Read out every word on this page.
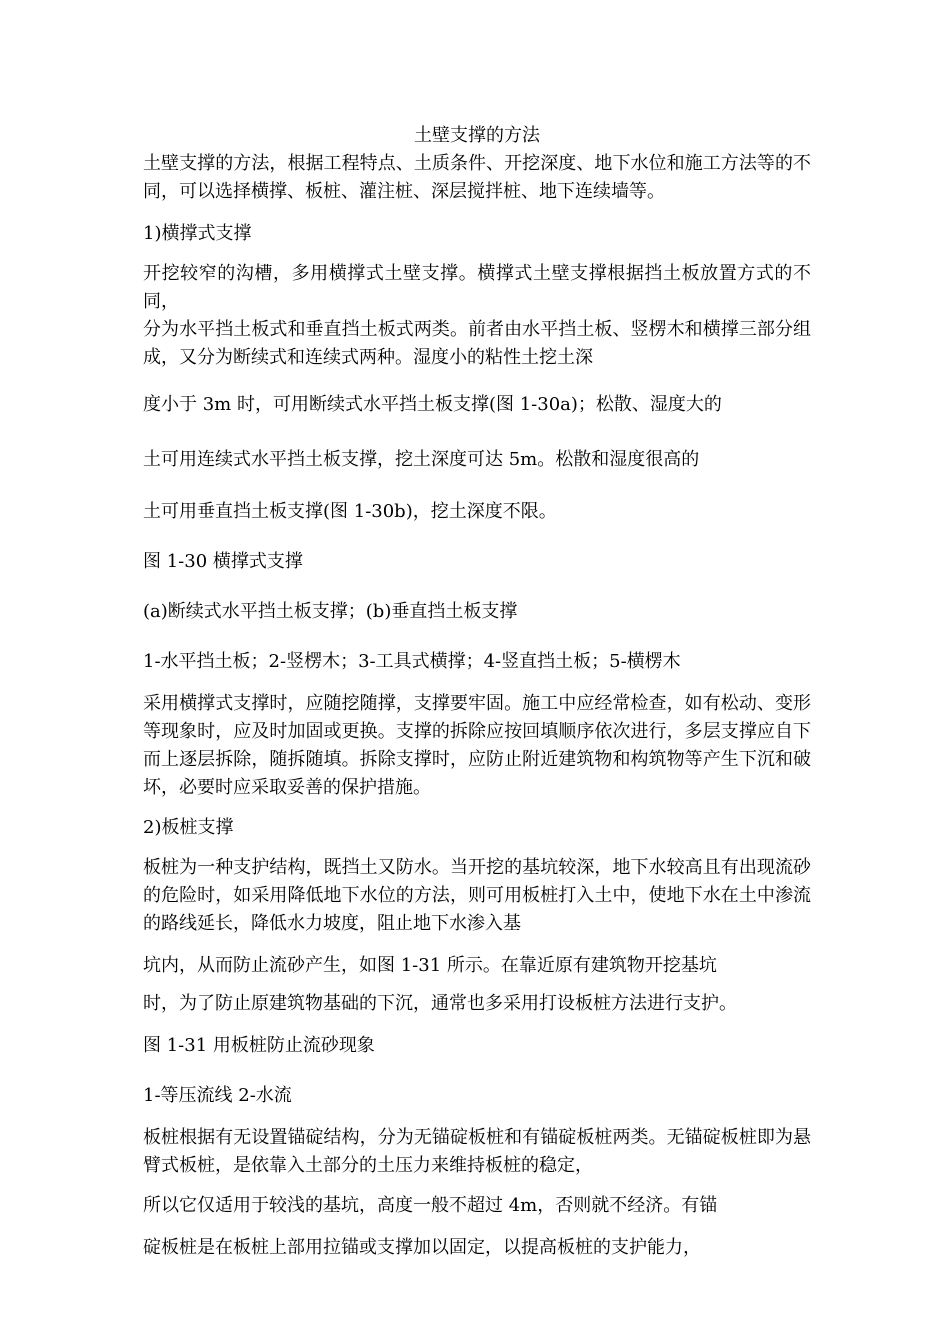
土壁支撑的方法

土壁支撑的方法，根据工程特点、土质条件、开挖深度、地下水位和施工方法等的不同，可以选择横撑、板桩、灌注桩、深层搅拌桩、地下连续墙等。

1)横撑式支撑

开挖较窄的沟槽，多用横撑式土壁支撑。横撑式土壁支撑根据挡土板放置方式的不同，

分为水平挡土板式和垂直挡土板式两类。前者由水平挡土板、竖楞木和横撑三部分组成，又分为断续式和连续式两种。湿度小的粘性土挖土深

度小于 3m 时，可用断续式水平挡土板支撑(图 1-30a)；松散、湿度大的

土可用连续式水平挡土板支撑，挖土深度可达 5m。松散和湿度很高的

土可用垂直挡土板支撑(图 1-30b)，挖土深度不限。

图 1-30 横撑式支撑

(a)断续式水平挡土板支撑；(b)垂直挡土板支撑

1-水平挡土板；2-竖楞木；3-工具式横撑；4-竖直挡土板；5-横楞木

采用横撑式支撑时，应随挖随撑，支撑要牢固。施工中应经常检查，如有松动、变形等现象时，应及时加固或更换。支撑的拆除应按回填顺序依次进行，多层支撑应自下而上逐层拆除，随拆随填。拆除支撑时，应防止附近建筑物和构筑物等产生下沉和破坏，必要时应采取妥善的保护措施。

2)板桩支撑

板桩为一种支护结构，既挡土又防水。当开挖的基坑较深，地下水较高且有出现流砂的危险时，如采用降低地下水位的方法，则可用板桩打入土中，使地下水在土中渗流的路线延长，降低水力坡度，阻止地下水渗入基

坑内，从而防止流砂产生，如图 1-31 所示。在靠近原有建筑物开挖基坑

时，为了防止原建筑物基础的下沉，通常也多采用打设板桩方法进行支护。

图 1-31 用板桩防止流砂现象

1-等压流线 2-水流

板桩根据有无设置锚碇结构，分为无锚碇板桩和有锚碇板桩两类。无锚碇板桩即为悬臂式板桩，是依靠入土部分的土压力来维持板桩的稳定，

所以它仅适用于较浅的基坑，高度一般不超过 4m，否则就不经济。有锚

碇板桩是在板桩上部用拉锚或支撑加以固定，以提高板桩的支护能力，
